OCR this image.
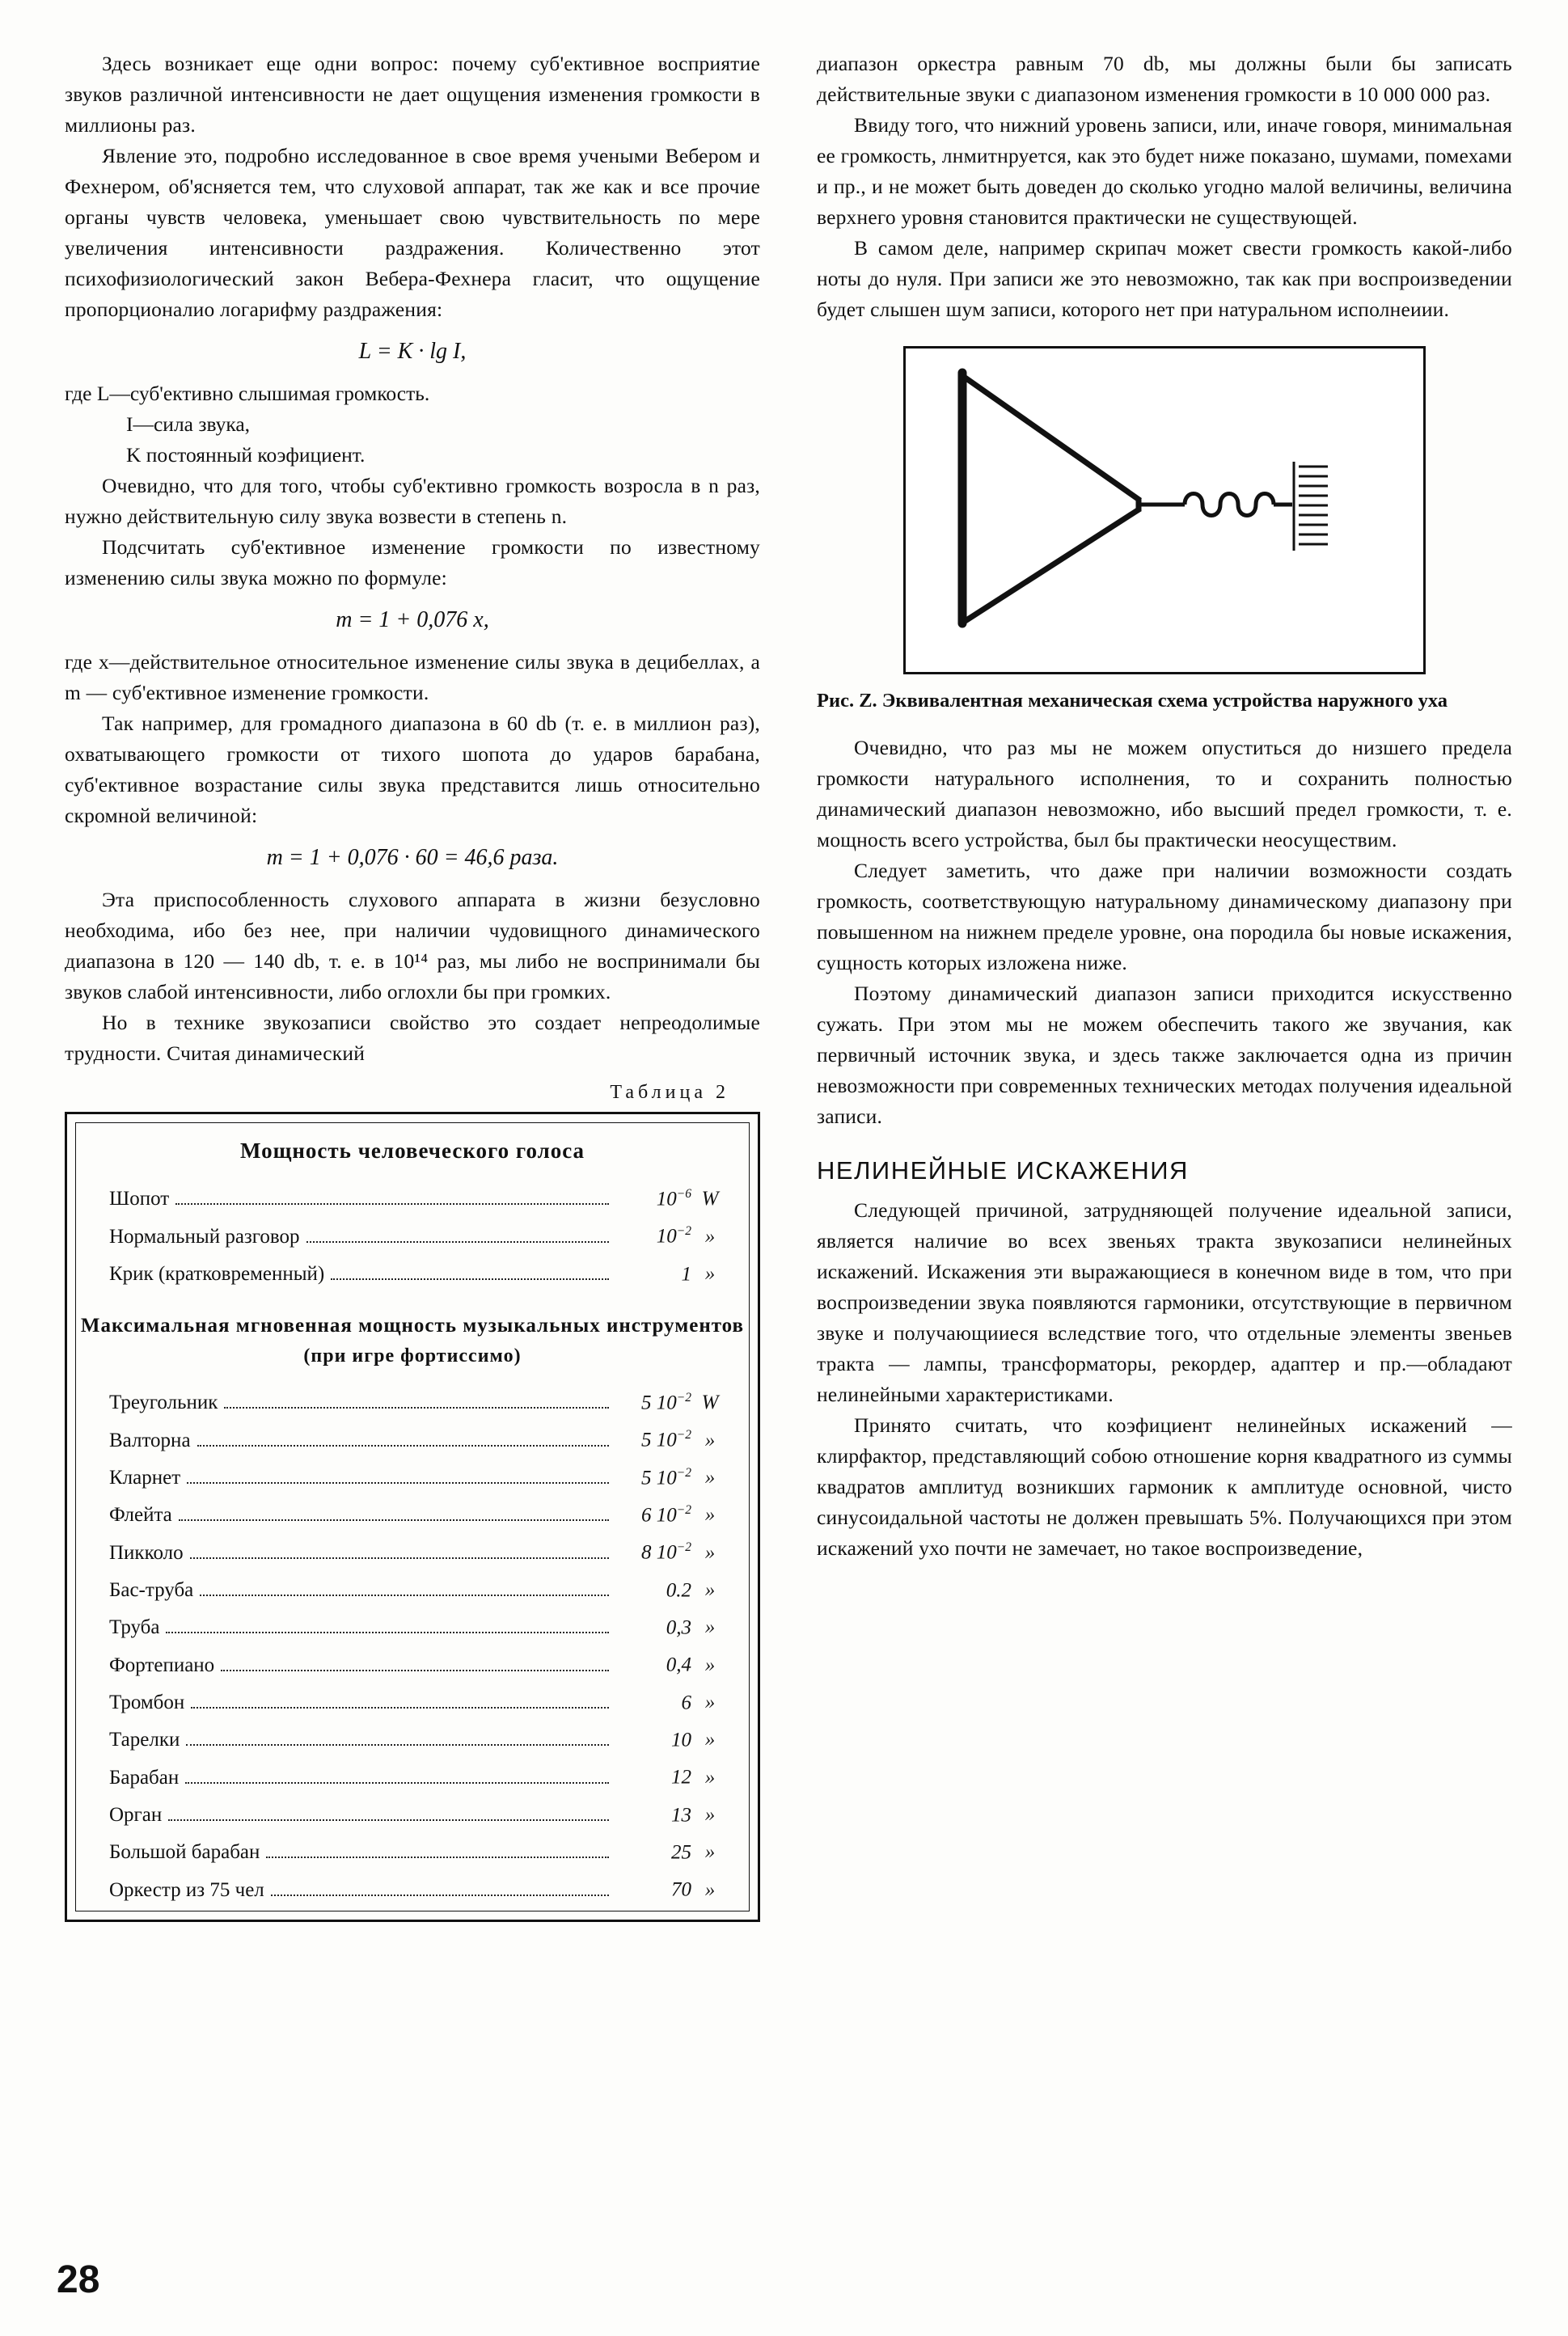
Здесь возникает еще одни вопрос: почему суб'ективное восприятие звуков различной интенсивности не дает ощущения изменения громкости в миллионы раз.

Явление это, подробно исследованное в свое время учеными Вебером и Фехнером, об'ясняется тем, что слуховой аппарат, так же как и все прочие органы чувств человека, уменьшает свою чувствительность по мере увеличения интенсивности раздражения. Количественно этот психофизиологический закон Вебера-Фехнера гласит, что ощущение пропорционалио логарифму раздражения:

L = K · lg I,
где L—суб'ективно слышимая громкость.
I—сила звука,
K постоянный коэфициент.

Очевидно, что для того, чтобы суб'ективно громкость возросла в n раз, нужно действительную силу звука возвести в степень n.

Подсчитать суб'ективное изменение громкости по известному изменению силы звука можно по формуле:

m = 1 + 0,076 x,

где x—действительное относительное изменение силы звука в децибеллах, а m — суб'ективное изменение громкости.

Так например, для громадного диапазона в 60 db (т. е. в миллион раз), охватывающего громкости от тихого шопота до ударов барабана, суб'ективное возрастание силы звука представится лишь относительно скромной величиной:

m = 1 + 0,076 · 60 = 46,6 раза.

Эта приспособленность слухового аппарата в жизни безусловно необходима, ибо без нее, при наличии чудовищного динамического диапазона в 120 — 140 db, т. е. в 10¹⁴ раз, мы либо не воспринимали бы звуков слабой интенсивности, либо оглохли бы при громких.

Но в технике звукозаписи свойство это создает непреодолимые трудности. Считая динамический

Таблица 2
Мощность человеческого голоса
Шопот	$10^{-6}$ W
Нормальный разговор	$10^{-2}$ »
Крик (кратковременный)	1 »
Максимальная мгновенная мощность музыкальных инструментов
(при игре фортиссимо)
Треугольник	5 $10^{-2}$ W
Валторна	5 $10^{-2}$ »
Кларнет	5 $10^{-2}$ »
Флейта	6 $10^{-2}$ »
Пикколо	8 $10^{-2}$ »
Бас-труба	0.2 »
Труба	0,3 »
Фортепиано	0,4 »
Тромбон	6 »
Тарелки	10 »
Барабан	12 »
Орган	13 »
Большой барабан	25 »
Оркестр из 75 чел	70 »

диапазон оркестра равным 70 db, мы должны были бы записать действительные звуки с диапазоном изменения громкости в 10 000 000 раз.

Ввиду того, что нижний уровень записи, или, иначе говоря, минимальная ее громкость, лнмитнруется, как это будет ниже показано, шумами, помехами и пр., и не может быть доведен до сколько угодно малой величины, величина верхнего уровня становится практически не существующей.

В самом деле, например скрипач может свести громкость какой-либо ноты до нуля. При записи же это невозможно, так как при воспроизведении будет слышен шум записи, которого нет при натуральном исполнеиии.

Рис. Z. Эквивалентная механическая схема устройства наружного уха

Очевидно, что раз мы не можем опуститься до низшего предела громкости натурального исполнения, то и сохранить полностью динамический диапазон невозможно, ибо высший предел громкости, т. е. мощность всего устройства, был бы практически неосуществим.

Следует заметить, что даже при наличии возможности создать громкость, соответствующую натуральному динамическому диапазону при повышенном на нижнем пределе уровне, она породила бы новые искажения, сущность которых изложена ниже.

Поэтому динамический диапазон записи приходится искусственно сужать. При этом мы не можем обеспечить такого же звучания, как первичный источник звука, и здесь также заключается одна из причин невозможности при современных технических методах получения идеальной записи.

НЕЛИНЕЙНЫЕ ИСКАЖЕНИЯ

Следующей причиной, затрудняющей получение идеальной записи, является наличие во всех звеньях тракта звукозаписи нелинейных искажений. Искажения эти выражающиеся в конечном виде в том, что при воспроизведении звука появляются гармоники, отсутствующие в первичном звуке и получающииеся вследствие того, что отдельные элементы звеньев тракта — лампы, трансформаторы, рекордер, адаптер и пр.—обладают нелинейными характеристиками.

Принято считать, что коэфициент нелинейных искажений — клирфактор, представляющий собою отношение корня квадратного из суммы квадратов амплитуд возникших гармоник к амплитуде основной, чисто синусоидальной частоты не должен превышать 5%. Получающихся при этом искажений ухо почти не замечает, но такое воспроизведение,

28
